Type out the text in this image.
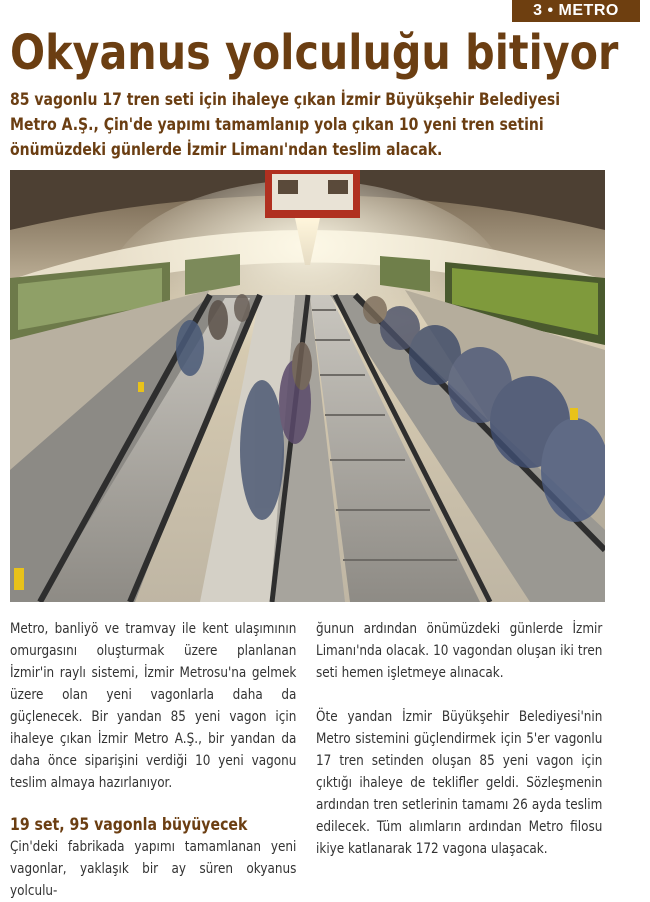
3 • METRO
Okyanus yolculuğu bitiyor

85 vagonlu 17 tren seti için ihaleye çıkan İzmir Büyükşehir Belediyesi Metro A.Ş., Çin'de yapımı tamamlanıp yola çıkan 10 yeni tren setini önümüzdeki günlerde İzmir Limanı'ndan teslim alacak.

Metro, banliyö ve tramvay ile kent ulaşımının omurgasını oluşturmak üzere planlanan İzmir'in raylı sistemi, İzmir Metrosu'na gelmek üzere olan yeni vagonlarla daha da güçlenecek. Bir yandan 85 yeni vagon için ihaleye çıkan İzmir Metro A.Ş., bir yandan da daha önce siparişini verdiği 10 yeni vagonu teslim almaya hazırlanıyor.

19 set, 95 vagonla büyüyecek

Çin'deki fabrikada yapımı tamamlanan yeni vagonlar, yaklaşık bir ay süren okyanus yolculu-

ğunun ardından önümüzdeki günlerde İzmir Limanı'nda olacak. 10 vagondan oluşan iki tren seti hemen işletmeye alınacak.

Öte yandan İzmir Büyükşehir Belediyesi'nin Metro sistemini güçlendirmek için 5'er vagonlu 17 tren setinden oluşan 85 yeni vagon için çıktığı ihaleye de teklifler geldi. Sözleşmenin ardından tren setlerinin tamamı 26 ayda teslim edilecek. Tüm alımların ardından Metro filosu ikiye katlanarak 172 vagona ulaşacak.
